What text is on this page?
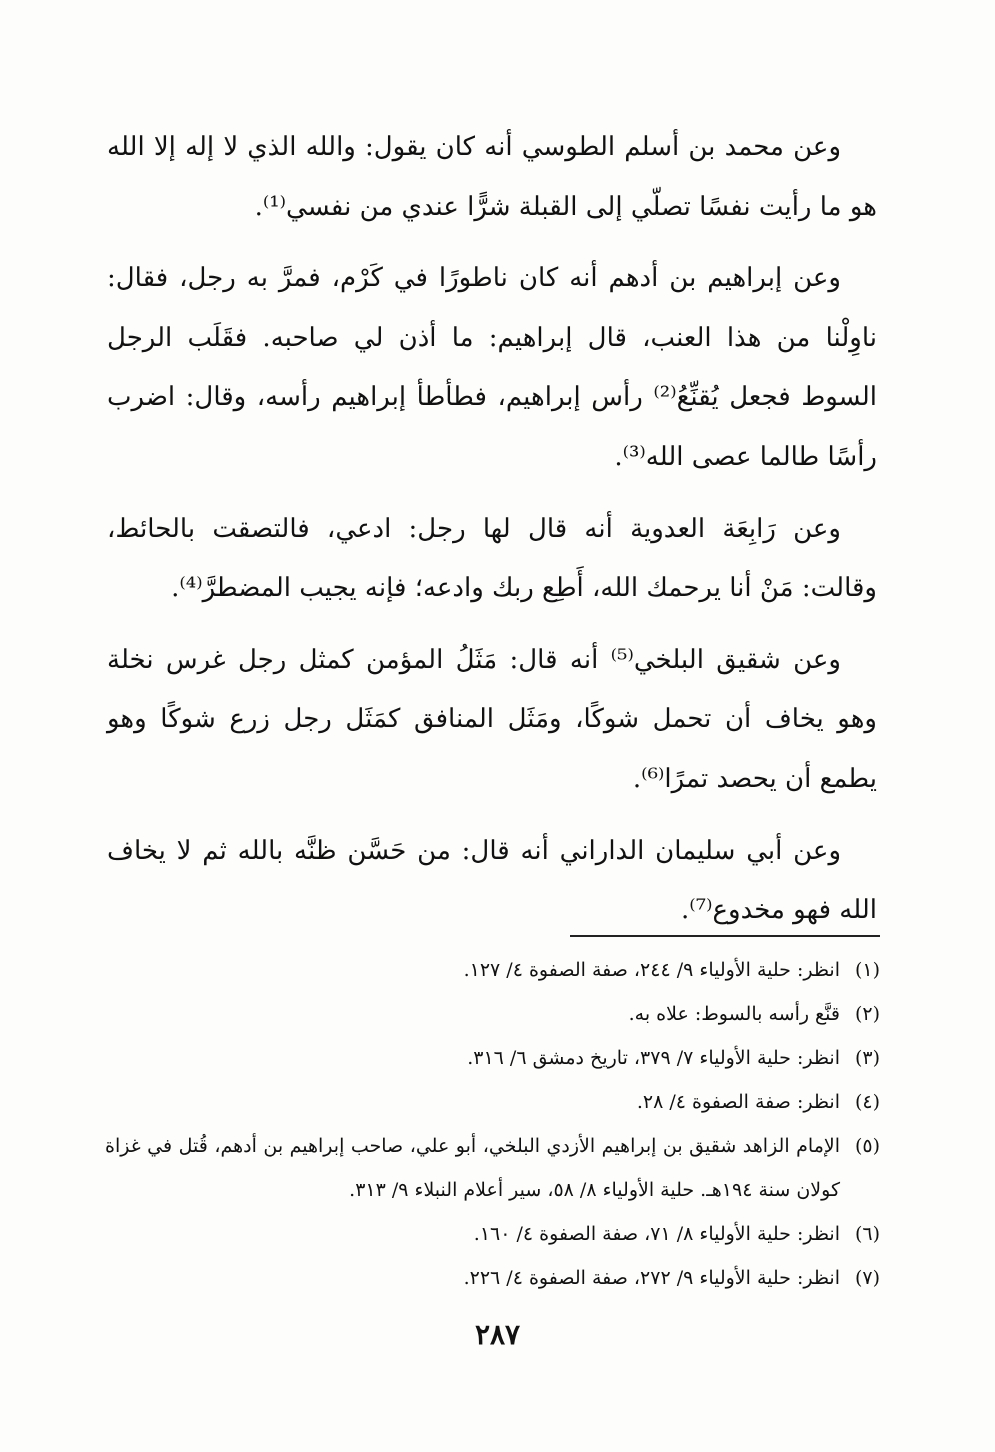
وعن محمد بن أسلم الطوسي أنه كان يقول: والله الذي لا إله إلا الله هو ما رأيت نفسًا تصلّي إلى القبلة شرًّا عندي من نفسي⁽¹⁾.

وعن إبراهيم بن أدهم أنه كان ناطورًا في كَرْم، فمرَّ به رجل، فقال: ناوِلْنا من هذا العنب، قال إبراهيم: ما أذن لي صاحبه. فقَلَب الرجل السوط فجعل يُقنِّعُ⁽²⁾ رأس إبراهيم، فطأطأ إبراهيم رأسه، وقال: اضرب رأسًا طالما عصى الله⁽³⁾.

وعن رَابِعَة العدوية أنه قال لها رجل: ادعي، فالتصقت بالحائط، وقالت: مَنْ أنا يرحمك الله، أَطِع ربك وادعه؛ فإنه يجيب المضطرَّ⁽⁴⁾.

وعن شقيق البلخي⁽⁵⁾ أنه قال: مَثَلُ المؤمن كمثل رجل غرس نخلة وهو يخاف أن تحمل شوكًا، ومَثَل المنافق كمَثَل رجل زرع شوكًا وهو يطمع أن يحصد تمرًا⁽⁶⁾.

وعن أبي سليمان الداراني أنه قال: من حَسَّن ظنَّه بالله ثم لا يخاف الله فهو مخدوع⁽⁷⁾.

(١)
انظر: حلية الأولياء ٩/ ٢٤٤، صفة الصفوة ٤/ ١٢٧.
(٢)
قنَّع رأسه بالسوط: علاه به.
(٣)
انظر: حلية الأولياء ٧/ ٣٧٩، تاريخ دمشق ٦/ ٣١٦.
(٤)
انظر: صفة الصفوة ٤/ ٢٨.
(٥)
الإمام الزاهد شقيق بن إبراهيم الأزدي البلخي، أبو علي، صاحب إبراهيم بن أدهم، قُتل في غزاة كولان سنة ١٩٤هـ. حلية الأولياء ٨/ ٥٨، سير أعلام النبلاء ٩/ ٣١٣.
(٦)
انظر: حلية الأولياء ٨/ ٧١، صفة الصفوة ٤/ ١٦٠.
(٧)
انظر: حلية الأولياء ٩/ ٢٧٢، صفة الصفوة ٤/ ٢٢٦.
٢٨٧
